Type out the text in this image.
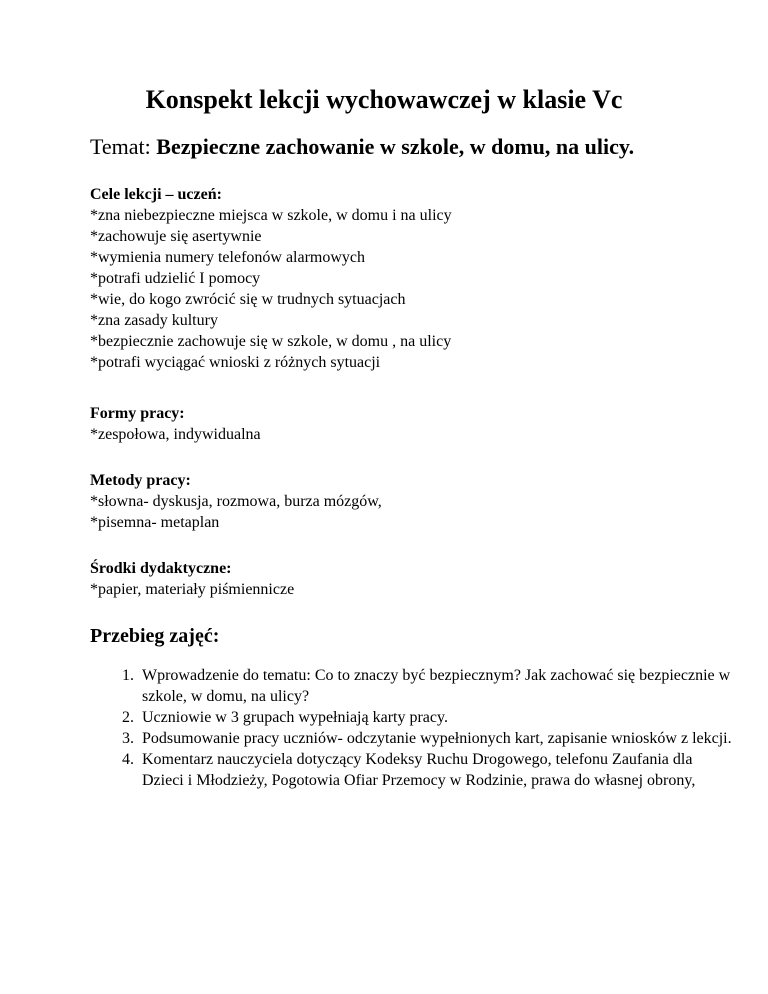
Konspekt lekcji wychowawczej w klasie Vc

Temat: Bezpieczne zachowanie w szkole, w domu, na ulicy.

Cele lekcji – uczeń:
*zna niebezpieczne miejsca w szkole, w domu i na ulicy
*zachowuje się asertywnie
*wymienia numery telefonów alarmowych
*potrafi udzielić I pomocy
*wie, do kogo zwrócić się w trudnych sytuacjach
*zna zasady kultury
*bezpiecznie zachowuje się w szkole, w domu , na ulicy
*potrafi wyciągać wnioski z różnych sytuacji
Formy pracy:
*zespołowa, indywidualna
Metody pracy:
*słowna- dyskusja, rozmowa, burza mózgów,
*pisemna- metaplan
Środki dydaktyczne:
*papier, materiały piśmiennicze
Przebieg zajęć:
1. Wprowadzenie do tematu: Co to znaczy być bezpiecznym? Jak zachować się bezpiecznie w szkole, w domu, na ulicy?
2. Uczniowie w 3 grupach wypełniają karty pracy.
3. Podsumowanie pracy uczniów- odczytanie wypełnionych kart, zapisanie wniosków z lekcji.
4. Komentarz nauczyciela dotyczący Kodeksy Ruchu Drogowego, telefonu Zaufania dla Dzieci i Młodzieży, Pogotowia Ofiar Przemocy w Rodzinie, prawa do własnej obrony,
